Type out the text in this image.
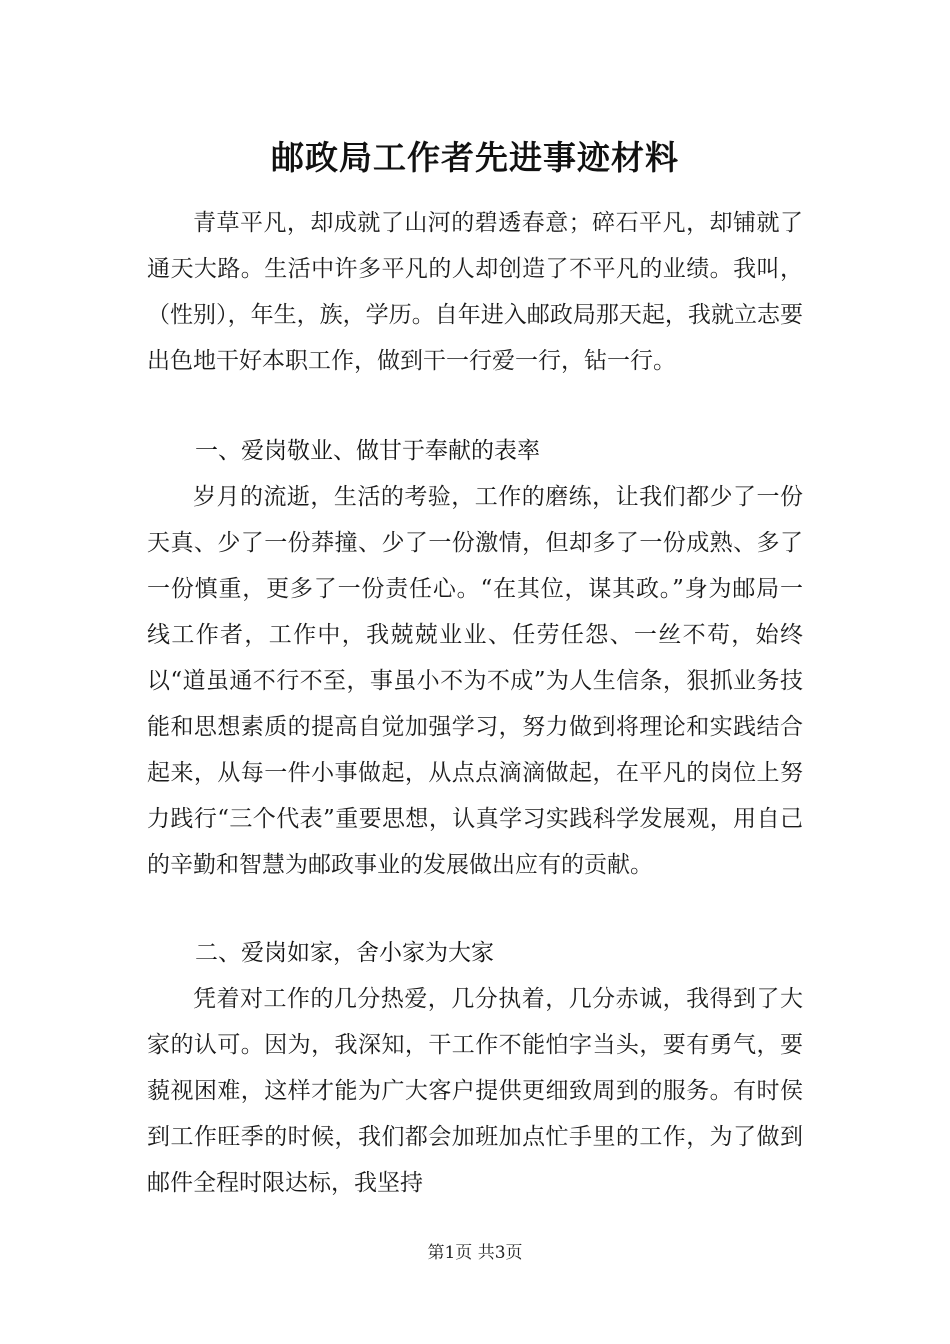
邮政局工作者先进事迹材料

青草平凡，却成就了山河的碧透春意；碎石平凡，却铺就了通天大路。生活中许多平凡的人却创造了不平凡的业绩。我叫，（性别），年生，族，学历。自年进入邮政局那天起，我就立志要出色地干好本职工作，做到干一行爱一行，钻一行。

一、爱岗敬业、做甘于奉献的表率

岁月的流逝，生活的考验，工作的磨练，让我们都少了一份天真、少了一份莽撞、少了一份激情，但却多了一份成熟、多了一份慎重，更多了一份责任心。“在其位，谋其政。”身为邮局一线工作者，工作中，我兢兢业业、任劳任怨、一丝不苟，始终以“道虽通不行不至，事虽小不为不成”为人生信条，狠抓业务技能和思想素质的提高自觉加强学习，努力做到将理论和实践结合起来，从每一件小事做起，从点点滴滴做起，在平凡的岗位上努力践行“三个代表”重要思想，认真学习实践科学发展观，用自己的辛勤和智慧为邮政事业的发展做出应有的贡献。

二、爱岗如家，舍小家为大家

凭着对工作的几分热爱，几分执着，几分赤诚，我得到了大家的认可。因为，我深知，干工作不能怕字当头，要有勇气，要藐视困难，这样才能为广大客户提供更细致周到的服务。有时侯到工作旺季的时候，我们都会加班加点忙手里的工作，为了做到邮件全程时限达标，我坚持

第1页 共3页
